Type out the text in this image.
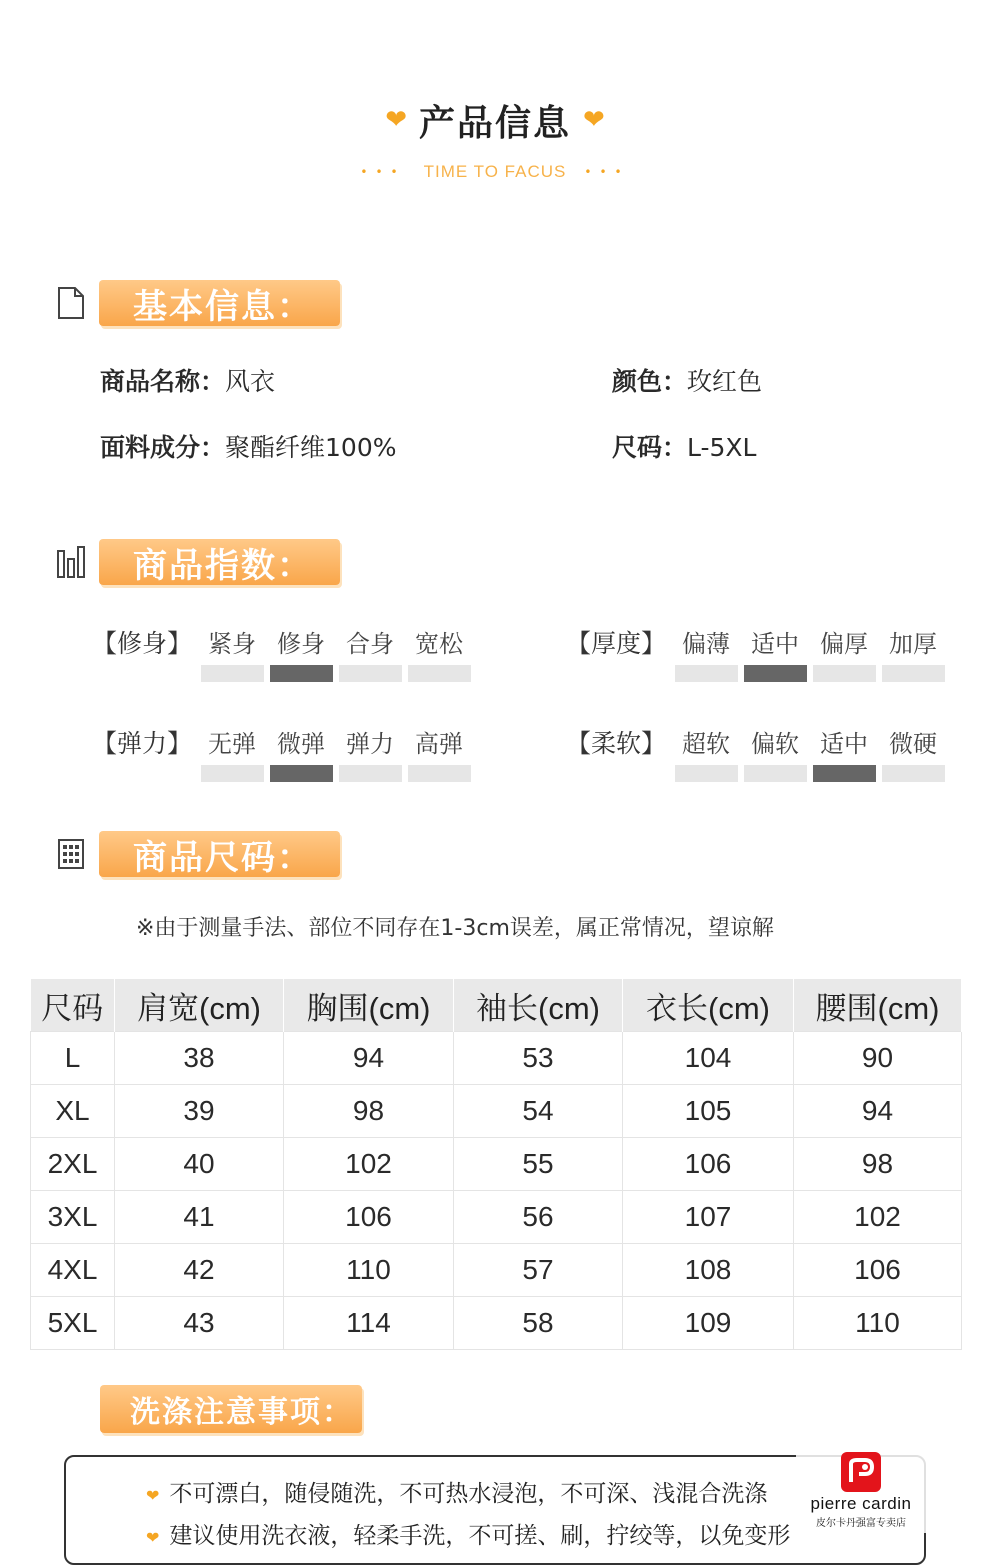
❤ 产品信息 ❤
••• TIME TO FACUS •••
基本信息：
商品名称：风衣	颜色：玫红色
面料成分：聚酯纤维100%	尺码：L-5XL
商品指数：
【修身】 紧身 修身 合身 宽松	【厚度】 偏薄 适中 偏厚 加厚
【弹力】 无弹 微弹 弹力 高弹	【柔软】 超软 偏软 适中 微硬
商品尺码：
※由于测量手法、部位不同存在1-3cm误差，属正常情况，望谅解
尺码	肩宽(cm)	胸围(cm)	袖长(cm)	衣长(cm)	腰围(cm)
L	38	94	53	104	90
XL	39	98	54	105	94
2XL	40	102	55	106	98
3XL	41	106	56	107	102
4XL	42	110	57	108	106
5XL	43	114	58	109	110
洗涤注意事项：
❤ 不可漂白，随侵随洗，不可热水浸泡，不可深、浅混合洗涤
❤ 建议使用洗衣液，轻柔手洗，不可搓、刷，拧绞等，以免变形
pierre cardin
皮尔卡丹强富专卖店
